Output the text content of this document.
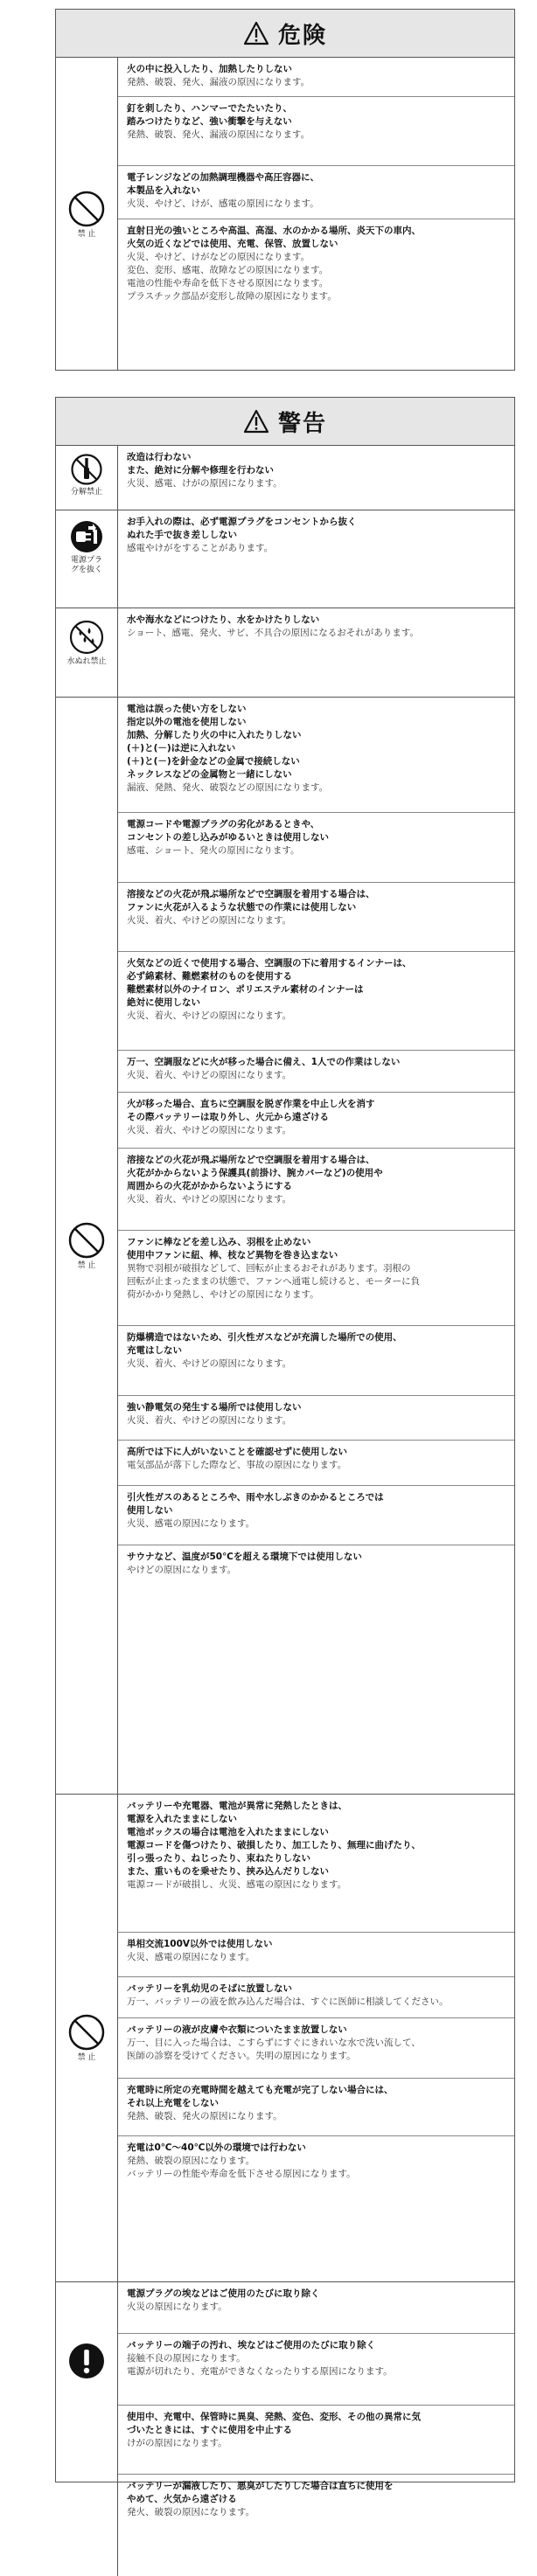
危険
禁 止
火の中に投入したり、加熱したりしない
発熱、破裂、発火、漏液の原因になります。
釘を刺したり、ハンマーでたたいたり、
踏みつけたりなど、強い衝撃を与えない
発熱、破裂、発火、漏液の原因になります。
電子レンジなどの加熱調理機器や高圧容器に、
本製品を入れない
火災、やけど、けが、感電の原因になります。
直射日光の強いところや高温、高湿、水のかかる場所、炎天下の車内、
火気の近くなどでは使用、充電、保管、放置しない
火災、やけど、けがなどの原因になります。
変色、変形、感電、故障などの原因になります。
電池の性能や寿命を低下させる原因になります。
プラスチック部品が変形し故障の原因になります。
警告
分解禁止
改造は行わない
また、絶対に分解や修理を行わない
火災、感電、けがの原因になります。
電源プラグを抜く
お手入れの際は、必ず電源プラグをコンセントから抜く
ぬれた手で抜き差ししない
感電やけがをすることがあります。
水ぬれ禁止
水や海水などにつけたり、水をかけたりしない
ショート、感電、発火、サビ、不具合の原因になるおそれがあります。
禁 止
電池は誤った使い方をしない
指定以外の電池を使用しない
加熱、分解したり火の中に入れたりしない
(＋)と(－)は逆に入れない
(＋)と(－)を針金などの金属で接続しない
ネックレスなどの金属物と一緒にしない
漏液、発熱、発火、破裂などの原因になります。
電源コードや電源プラグの劣化があるときや、
コンセントの差し込みがゆるいときは使用しない
感電、ショート、発火の原因になります。
溶接などの火花が飛ぶ場所などで空調服を着用する場合は、
ファンに火花が入るような状態での作業には使用しない
火災、着火、やけどの原因になります。
火気などの近くで使用する場合、空調服の下に着用するインナーは、
必ず綿素材、難燃素材のものを使用する
難燃素材以外のナイロン、ポリエステル素材のインナーは
絶対に使用しない
火災、着火、やけどの原因になります。
万一、空調服などに火が移った場合に備え、1人での作業はしない
火災、着火、やけどの原因になります。
火が移った場合、直ちに空調服を脱ぎ作業を中止し火を消す
その際バッテリーは取り外し、火元から遠ざける
火災、着火、やけどの原因になります。
溶接などの火花が飛ぶ場所などで空調服を着用する場合は、
火花がかからないよう保護具(前掛け、腕カバーなど)の使用や
周囲からの火花がかからないようにする
火災、着火、やけどの原因になります。
ファンに棒などを差し込み、羽根を止めない
使用中ファンに紐、棒、枝など異物を巻き込まない
異物で羽根が破損などして、回転が止まるおそれがあります。羽根の
回転が止まったままの状態で、ファンへ通電し続けると、モーターに負
荷がかかり発熱し、やけどの原因になります。
防爆構造ではないため、引火性ガスなどが充満した場所での使用、
充電はしない
火災、着火、やけどの原因になります。
強い静電気の発生する場所では使用しない
火災、着火、やけどの原因になります。
高所では下に人がいないことを確認せずに使用しない
電気部品が落下した際など、事故の原因になります。
引火性ガスのあるところや、雨や水しぶきのかかるところでは
使用しない
火災、感電の原因になります。
サウナなど、温度が50℃を超える環境下では使用しない
やけどの原因になります。
禁 止
バッテリーや充電器、電池が異常に発熱したときは、
電源を入れたままにしない
電池ボックスの場合は電池を入れたままにしない
電源コードを傷つけたり、破損したり、加工したり、無理に曲げたり、
引っ張ったり、ねじったり、束ねたりしない
また、重いものを乗せたり、挟み込んだりしない
電源コードが破損し、火災、感電の原因になります。
単相交流100V以外では使用しない
火災、感電の原因になります。
バッテリーを乳幼児のそばに放置しない
万一、バッテリーの液を飲み込んだ場合は、すぐに医師に相談してください。
バッテリーの液が皮膚や衣類についたまま放置しない
万一、目に入った場合は、こすらずにすぐにきれいな水で洗い流して、
医師の診察を受けてください。失明の原因になります。
充電時に所定の充電時間を越えても充電が完了しない場合には、
それ以上充電をしない
発熱、破裂、発火の原因になります。
充電は0℃〜40℃以外の環境では行わない
発熱、破裂の原因になります。
バッテリーの性能や寿命を低下させる原因になります。
電源プラグの埃などはご使用のたびに取り除く
火災の原因になります。
バッテリーの端子の汚れ、埃などはご使用のたびに取り除く
接触不良の原因になります。
電源が切れたり、充電ができなくなったりする原因になります。
使用中、充電中、保管時に異臭、発熱、変色、変形、その他の異常に気
づいたときには、すぐに使用を中止する
けがの原因になります。
バッテリーが漏液したり、悪臭がしたりした場合は直ちに使用を
やめて、火気から遠ざける
発火、破裂の原因になります。
